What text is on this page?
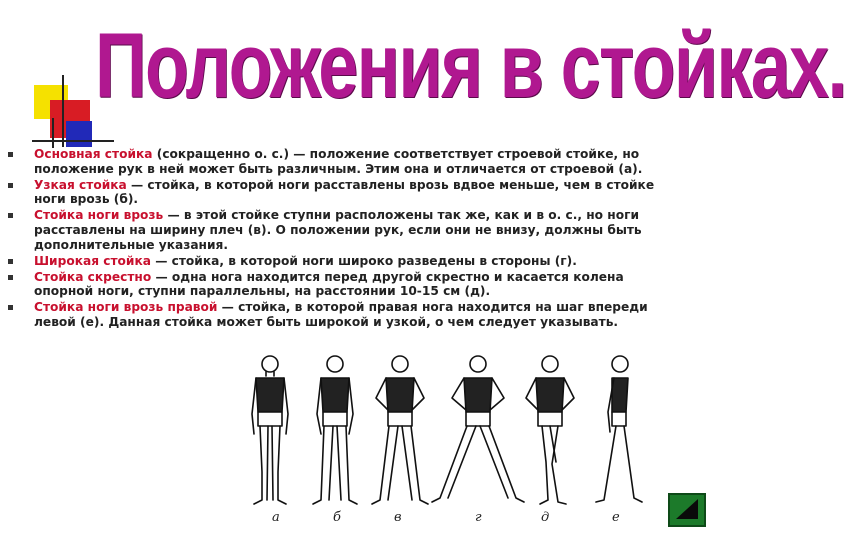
Положения в стойках.
Основная стойка (сокращенно о. с.) — положение соответствует строевой стойке, но положение рук в ней может быть различным. Этим она и отличается от строевой (а).
Узкая стойка — стойка, в которой ноги расставлены врозь вдвое меньше, чем в стойке ноги врозь (б).
Стойка ноги врозь — в этой стойке ступни расположены так же, как и в о. с., но ноги расставлены на ширину плеч (в). О положении рук, если они не внизу, должны быть дополнительные указания.
Широкая стойка — стойка, в которой ноги широко разведены в стороны (г).
Стойка скрестно — одна нога находится перед другой скрестно и касается колена опорной ноги, ступни параллельны, на расстоянии 10-15 см (д).
Стойка ноги врозь правой — стойка, в которой правая нога находится на шаг впереди левой (е). Данная стойка может быть широкой и узкой, о чем следует указывать.
а	б	в	г	д	е
